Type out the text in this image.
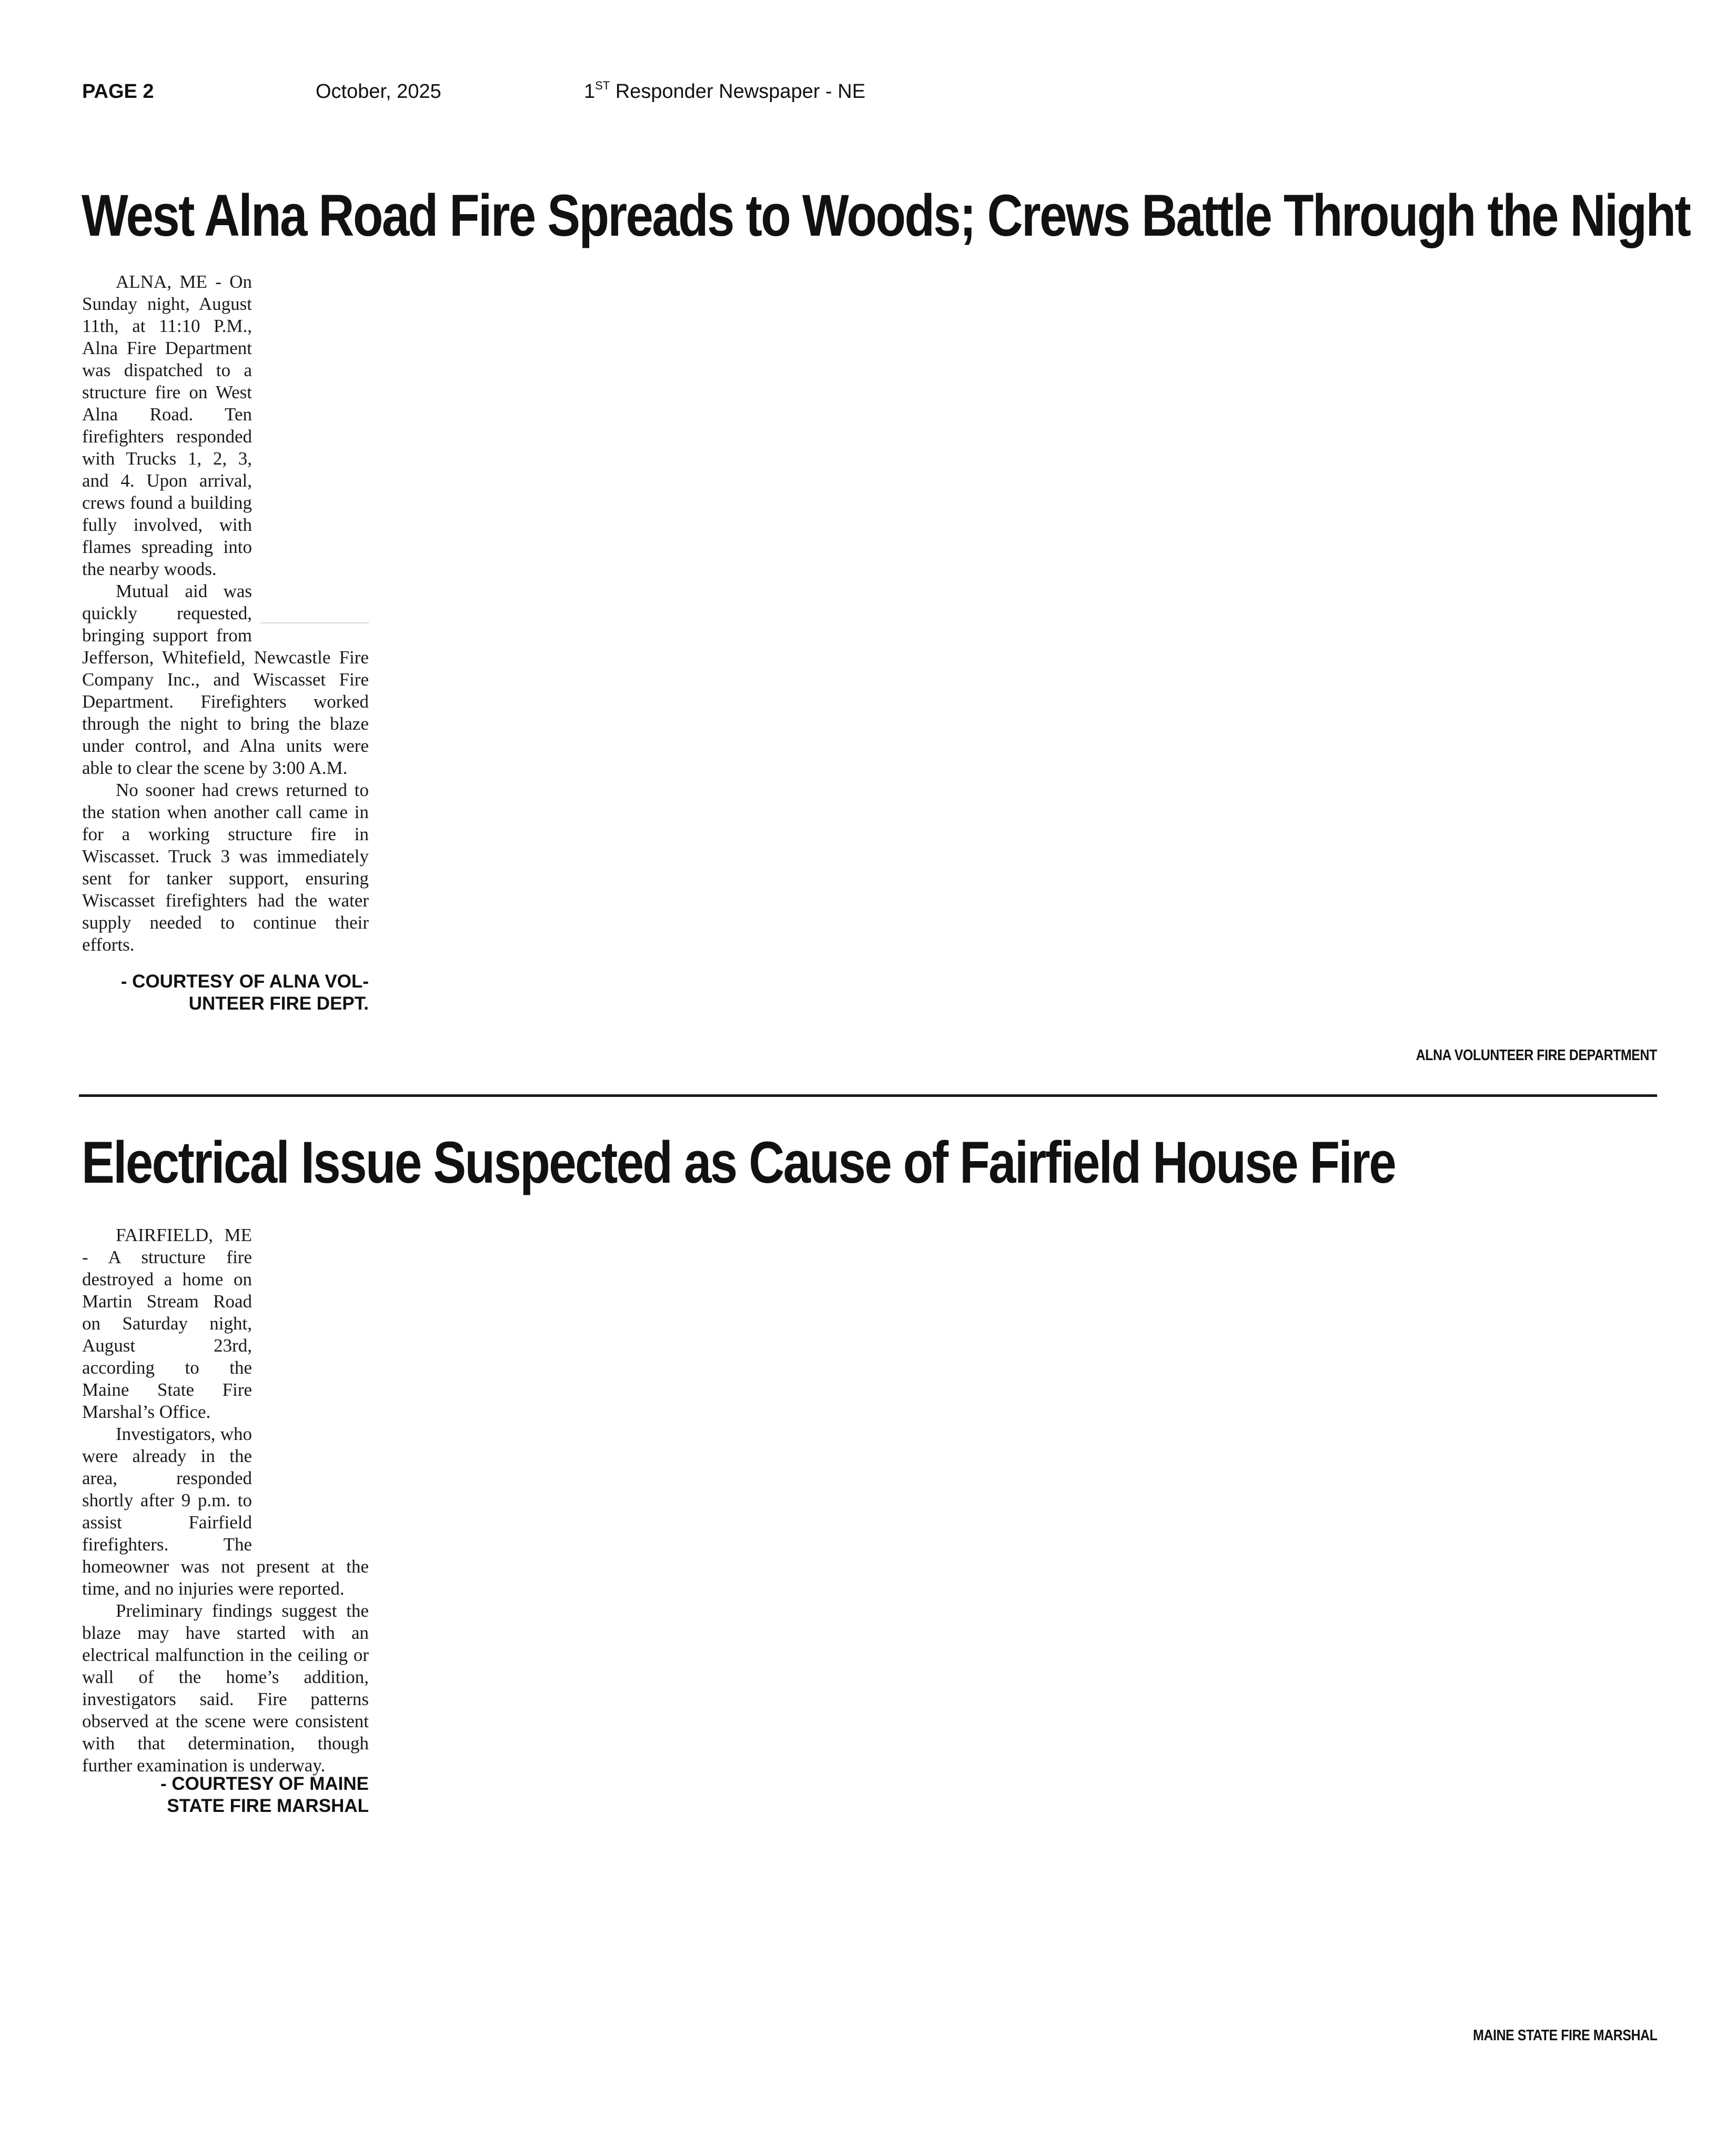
PAGE 2	October, 2025	1ST Responder Newspaper - NE
West Alna Road Fire Spreads to Woods; Crews Battle Through the Night

ALNA, ME - On Sunday night, August 11th, at 11:10 P.M., Alna Fire Department was dispatched to a structure fire on West Alna Road. Ten firefighters responded with Trucks 1, 2, 3, and 4. Upon arrival, crews found a building fully involved, with flames spreading into the nearby woods.

Mutual aid was quickly requested, bringing support from Jefferson, Whitefield, Newcastle Fire Company Inc., and Wiscasset Fire Department. Firefighters worked through the night to bring the blaze under control, and Alna units were able to clear the scene by 3:00 A.M.

No sooner had crews returned to the station when another call came in for a working structure fire in Wiscasset. Truck 3 was immediately sent for tanker support, ensuring Wiscasset firefighters had the water supply needed to continue their efforts.

- COURTESY OF ALNA VOL-
UNTEER FIRE DEPT.
ALNA VOLUNTEER FIRE DEPARTMENT
Electrical Issue Suspected as Cause of Fairfield House Fire

FAIRFIELD, ME - A structure fire destroyed a home on Martin Stream Road on Saturday night, August 23rd, according to the Maine State Fire Marshal’s Office.

Investigators, who were already in the area, responded shortly after 9 p.m. to assist Fairfield firefighters. The homeowner was not present at the time, and no injuries were reported.

Preliminary findings suggest the blaze may have started with an electrical malfunction in the ceiling or wall of the home’s addition, investigators said. Fire patterns observed at the scene were consistent with that determination, though further examination is underway.

- COURTESY OF MAINE
STATE FIRE MARSHAL
MAINE STATE FIRE MARSHAL
